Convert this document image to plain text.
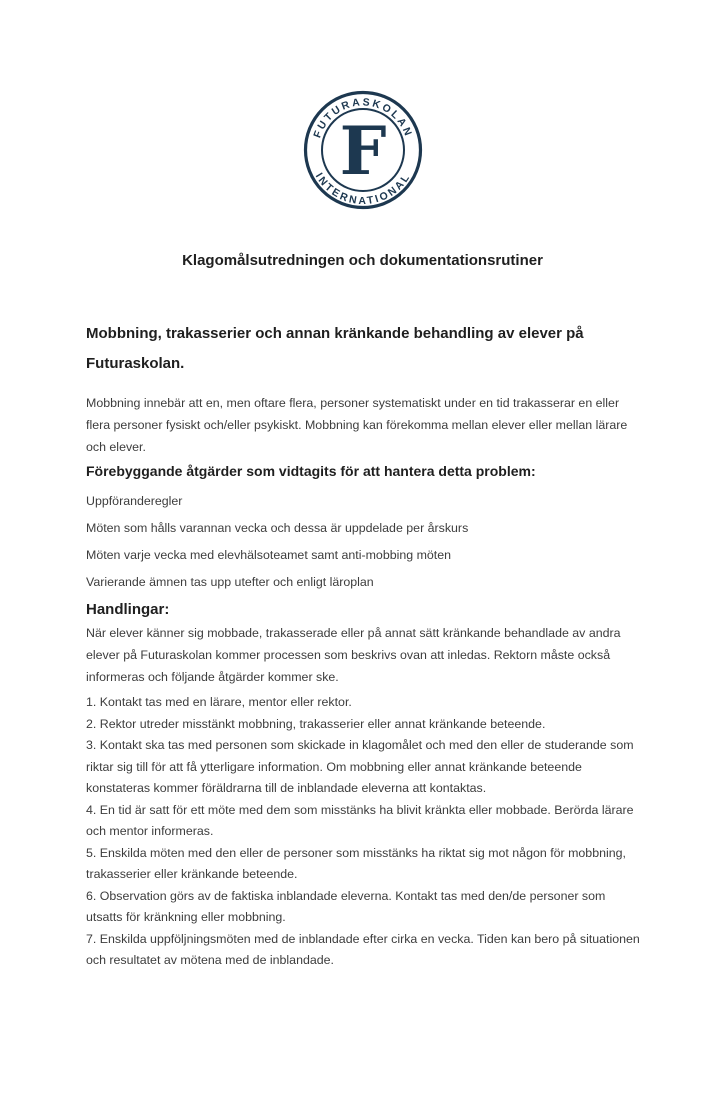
FUTURASKOLAN
INTERNATIONAL
F
Klagomålsutredningen och dokumentationsrutiner
Mobbning, trakasserier och annan kränkande behandling av elever på
Futuraskolan.
Mobbning innebär att en, men oftare flera, personer systematiskt under en tid trakasserar en eller
flera personer fysiskt och/eller psykiskt. Mobbning kan förekomma mellan elever eller mellan lärare
och elever.
Förebyggande åtgärder som vidtagits för att hantera detta problem:
Uppföranderegler
Möten som hålls varannan vecka och dessa är uppdelade per årskurs
Möten varje vecka med elevhälsoteamet samt anti-mobbing möten
Varierande ämnen tas upp utefter och enligt läroplan
Handlingar:
När elever känner sig mobbade, trakasserade eller på annat sätt kränkande behandlade av andra
elever på Futuraskolan kommer processen som beskrivs ovan att inledas. Rektorn måste också
informeras och följande åtgärder kommer ske.
1. Kontakt tas med en lärare, mentor eller rektor.
2. Rektor utreder misstänkt mobbning, trakasserier eller annat kränkande beteende.
3. Kontakt ska tas med personen som skickade in klagomålet och med den eller de studerande som
riktar sig till för att få ytterligare information. Om mobbning eller annat kränkande beteende
konstateras kommer föräldrarna till de inblandade eleverna att kontaktas.
4. En tid är satt för ett möte med dem som misstänks ha blivit kränkta eller mobbade. Berörda lärare
och mentor informeras.
5. Enskilda möten med den eller de personer som misstänks ha riktat sig mot någon för mobbning,
trakasserier eller kränkande beteende.
6. Observation görs av de faktiska inblandade eleverna. Kontakt tas med den/de personer som
utsatts för kränkning eller mobbning.
7. Enskilda uppföljningsmöten med de inblandade efter cirka en vecka. Tiden kan bero på situationen
och resultatet av mötena med de inblandade.
